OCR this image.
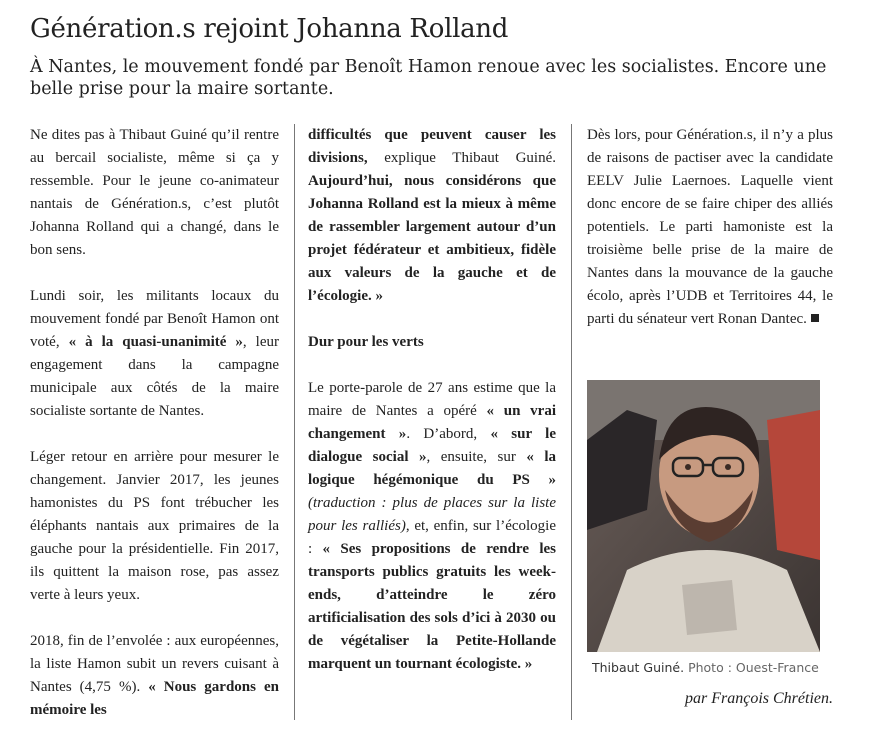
Génération.s rejoint Johanna Rolland

À Nantes, le mouvement fondé par Benoît Hamon renoue avec les socialistes. Encore une belle prise pour la maire sortante.

Ne dites pas à Thibaut Guiné qu’il rentre au bercail socialiste, même si ça y ressemble. Pour le jeune co-animateur nantais de Génération.s, c’est plutôt Johanna Rolland qui a changé, dans le bon sens.

Lundi soir, les militants locaux du mouvement fondé par Benoît Hamon ont voté, « à la quasi-unanimité », leur engagement dans la campagne municipale aux côtés de la maire socialiste sortante de Nantes.

Léger retour en arrière pour mesurer le changement. Janvier 2017, les jeunes hamonistes du PS font trébucher les éléphants nantais aux primaires de la gauche pour la présidentielle. Fin 2017, ils quittent la maison rose, pas assez verte à leurs yeux.

2018, fin de l’envolée : aux européennes, la liste Hamon subit un revers cuisant à Nantes (4,75 %). « Nous gardons en mémoire les

difficultés que peuvent causer les divisions, explique Thibaut Guiné. Aujourd’hui, nous considérons que Johanna Rolland est la mieux à même de rassembler largement autour d’un projet fédérateur et ambitieux, fidèle aux valeurs de la gauche et de l’écologie. »

Dur pour les verts

Le porte-parole de 27 ans estime que la maire de Nantes a opéré « un vrai changement ». D’abord, « sur le dialogue social », ensuite, sur « la logique hégémonique du PS » (traduction : plus de places sur la liste pour les ralliés), et, enfin, sur l’écologie : « Ses propositions de rendre les transports publics gratuits les week-ends, d’atteindre le zéro artificialisation des sols d’ici à 2030 ou de végétaliser la Petite-Hollande marquent un tournant écologiste. »

Dès lors, pour Génération.s, il n’y a plus de raisons de pactiser avec la candidate EELV Julie Laernoes. Laquelle vient donc encore de se faire chiper des alliés potentiels. Le parti hamoniste est la troisième belle prise de la maire de Nantes dans la mouvance de la gauche écolo, après l’UDB et Territoires 44, le parti du sénateur vert Ronan Dantec.

Thibaut Guiné. Photo : Ouest-France
par François Chrétien.
